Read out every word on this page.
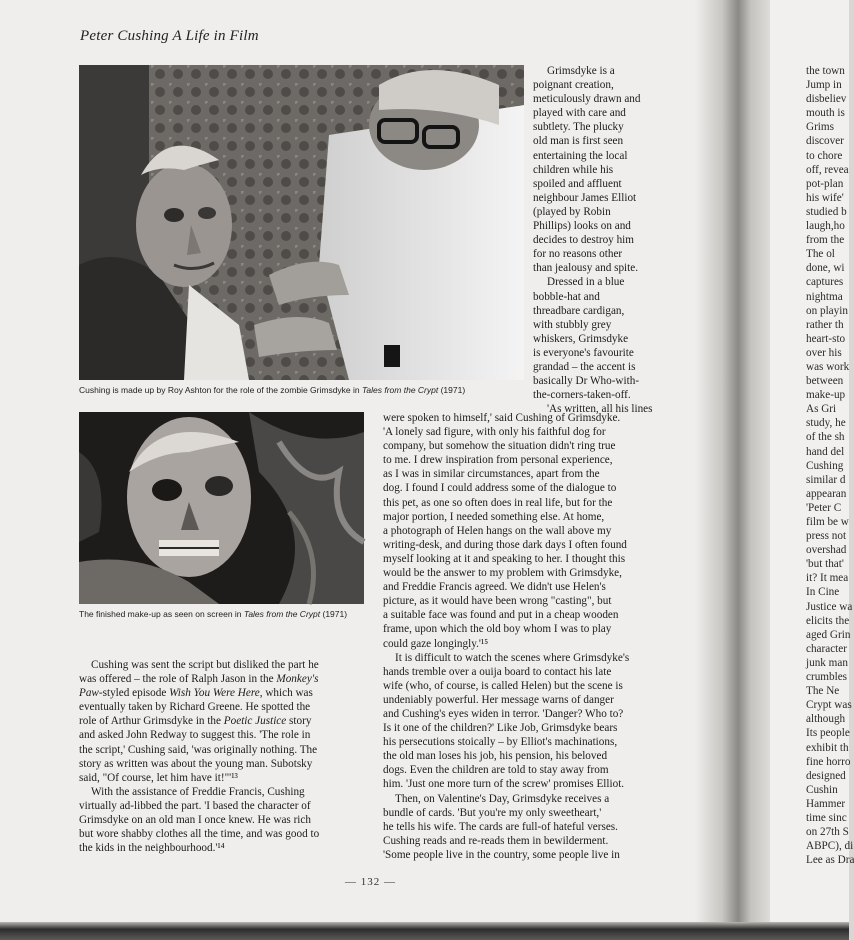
Peter Cushing A Life in Film
Cushing is made up by Roy Ashton for the role of the zombie Grimsdyke in Tales from the Crypt (1971)
The finished make-up as seen on screen in Tales from the Crypt (1971)
Grimsdyke is a
poignant creation,
meticulously drawn and
played with care and
subtlety. The plucky
old man is first seen
entertaining the local
children while his
spoiled and affluent
neighbour James Elliot
(played by Robin
Phillips) looks on and
decides to destroy him
for no reasons other
than jealousy and spite.
Dressed in a blue
bobble-hat and
threadbare cardigan,
with stubbly grey
whiskers, Grimsdyke
is everyone's favourite
grandad – the accent is
basically Dr Who-with-
the-corners-taken-off.
'As written, all his lines
were spoken to himself,' said Cushing of Grimsdyke.
'A lonely sad figure, with only his faithful dog for
company, but somehow the situation didn't ring true
to me. I drew inspiration from personal experience,
as I was in similar circumstances, apart from the
dog. I found I could address some of the dialogue to
this pet, as one so often does in real life, but for the
major portion, I needed something else. At home,
a photograph of Helen hangs on the wall above my
writing-desk, and during those dark days I often found
myself looking at it and speaking to her. I thought this
would be the answer to my problem with Grimsdyke,
and Freddie Francis agreed. We didn't use Helen's
picture, as it would have been wrong "casting", but
a suitable face was found and put in a cheap wooden
frame, upon which the old boy whom I was to play
could gaze longingly.'¹⁵
It is difficult to watch the scenes where Grimsdyke's
hands tremble over a ouija board to contact his late
wife (who, of course, is called Helen) but the scene is
undeniably powerful. Her message warns of danger
and Cushing's eyes widen in terror. 'Danger? Who to?
Is it one of the children?' Like Job, Grimsdyke bears
his persecutions stoically – by Elliot's machinations,
the old man loses his job, his pension, his beloved
dogs. Even the children are told to stay away from
him. 'Just one more turn of the screw' promises Elliot.
Then, on Valentine's Day, Grimsdyke receives a
bundle of cards. 'But you're my only sweetheart,'
he tells his wife. The cards are full-of hateful verses.
Cushing reads and re-reads them in bewilderment.
'Some people live in the country, some people live in
Cushing was sent the script but disliked the part he
was offered – the role of Ralph Jason in the Monkey's
Paw-styled episode Wish You Were Here, which was
eventually taken by Richard Greene. He spotted the
role of Arthur Grimsdyke in the Poetic Justice story
and asked John Redway to suggest this. 'The role in
the script,' Cushing said, 'was originally nothing. The
story as written was about the young man. Subotsky
said, "Of course, let him have it!"'¹³
With the assistance of Freddie Francis, Cushing
virtually ad-libbed the part. 'I based the character of
Grimsdyke on an old man I once knew. He was rich
but wore shabby clothes all the time, and was good to
the kids in the neighbourhood.'¹⁴
— 132 —
the town
Jump in
disbeliev
mouth is
Grims
discover
to chore
off, revea
pot-plan
his wife'
studied b
laugh,ho
from the
The ol
done, wi
captures
nightma
on playin
rather th
heart-sto
over his
was work
between
make-up
As Gri
study, he
of the sh
hand del
Cushing
similar d
appearan
'Peter C
film be w
press not
overshad
'but that'
it? It mea
In Cine
Justice wa
elicits the
aged Grin
character
junk man
crumbles
The Ne
Crypt was
although
Its people
exhibit th
fine horro
designed
Cushin
Hammer
time sinc
on 27th S
ABPC), di
Lee as Dra
